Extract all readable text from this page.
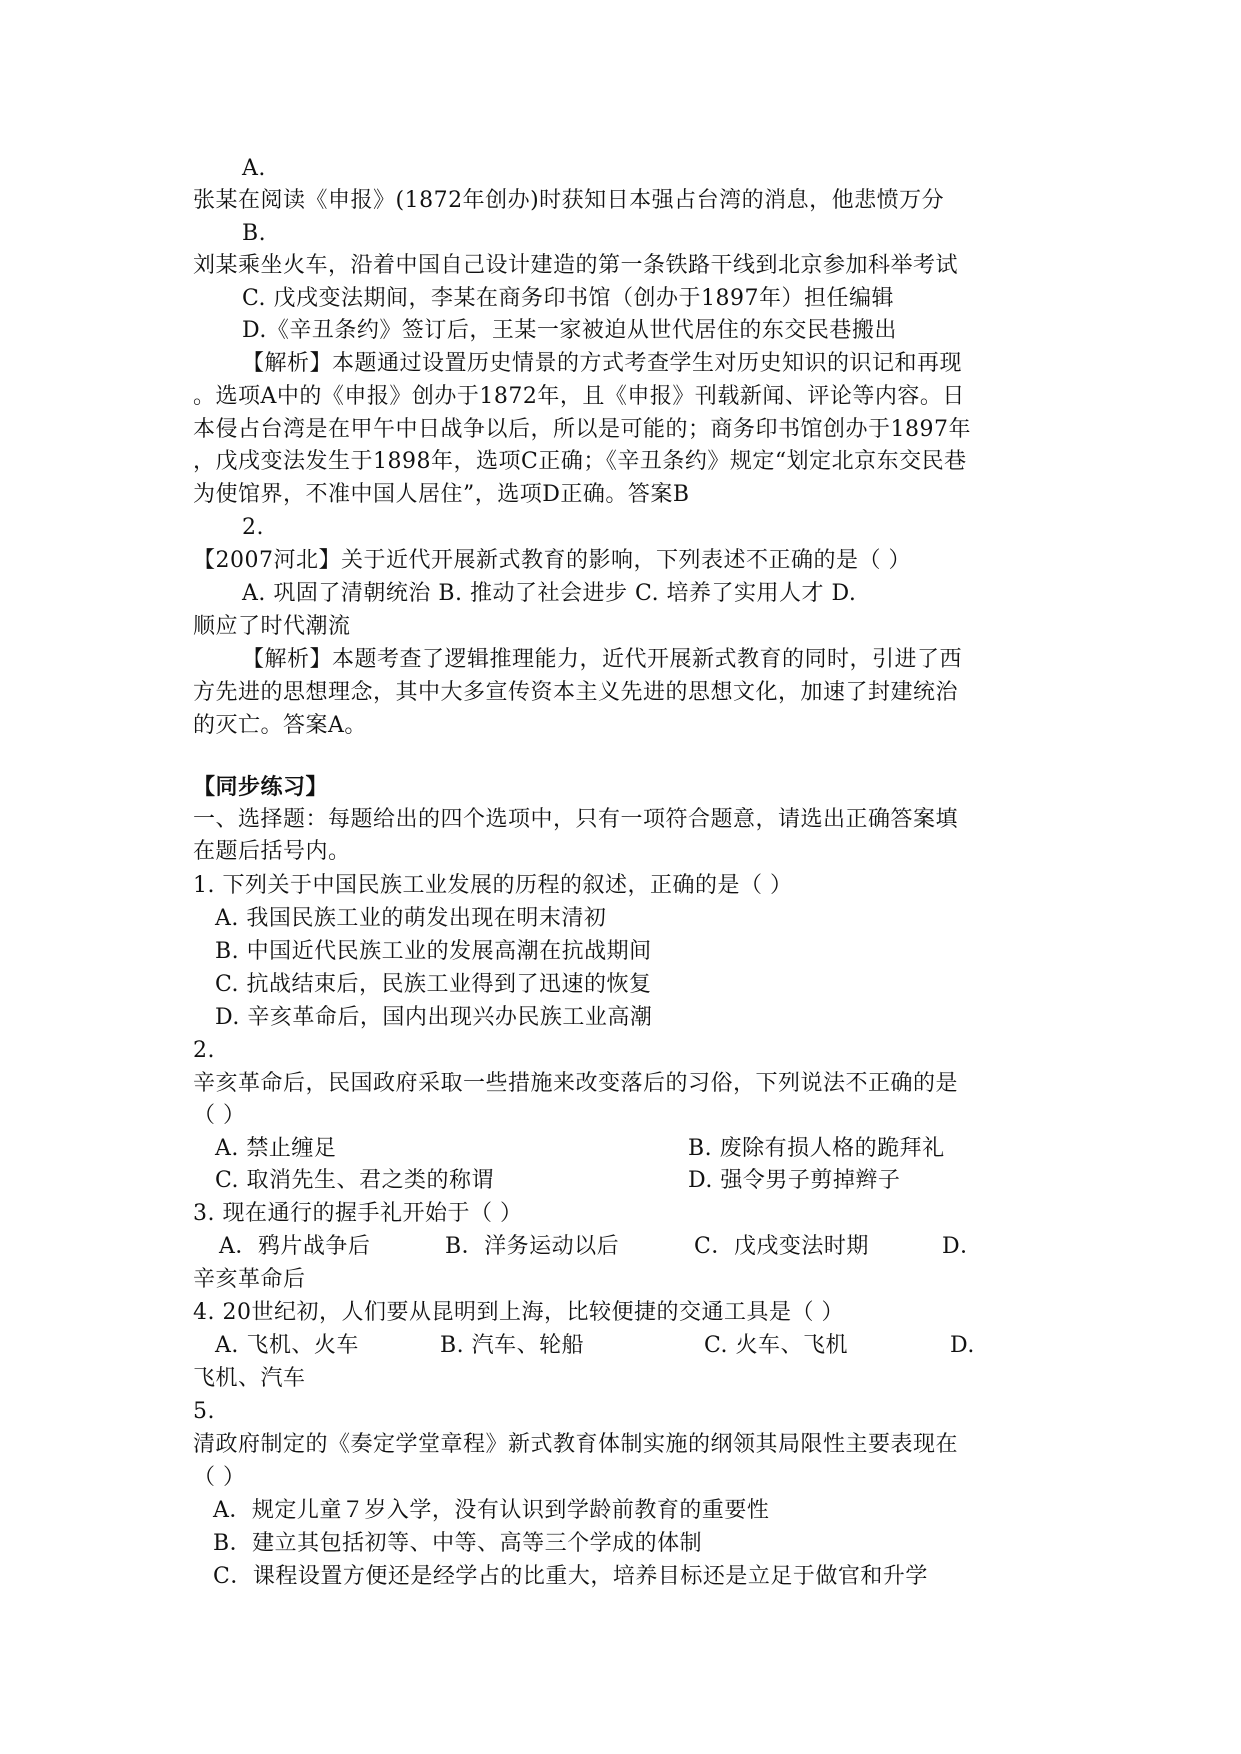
A.
张某在阅读《申报》(1872年创办)时获知日本强占台湾的消息，他悲愤万分
B.
刘某乘坐火车，沿着中国自己设计建造的第一条铁路干线到北京参加科举考试
C. 戊戌变法期间，李某在商务印书馆（创办于1897年）担任编辑
D.《辛丑条约》签订后，王某一家被迫从世代居住的东交民巷搬出
【解析】本题通过设置历史情景的方式考查学生对历史知识的识记和再现
。选项A中的《申报》创办于1872年，且《申报》刊载新闻、评论等内容。日
本侵占台湾是在甲午中日战争以后，所以是可能的；商务印书馆创办于1897年
，戊戌变法发生于1898年，选项C正确；《辛丑条约》规定“划定北京东交民巷
为使馆界，不准中国人居住”，选项D正确。答案B
2.
【2007河北】关于近代开展新式教育的影响，下列表述不正确的是（ ）
A. 巩固了清朝统治 B. 推动了社会进步 C. 培养了实用人才 D.
顺应了时代潮流
【解析】本题考查了逻辑推理能力，近代开展新式教育的同时，引进了西
方先进的思想理念，其中大多宣传资本主义先进的思想文化，加速了封建统治
的灭亡。答案A。
【同步练习】
一、选择题：每题给出的四个选项中，只有一项符合题意，请选出正确答案填
在题后括号内。
1. 下列关于中国民族工业发展的历程的叙述，正确的是（ ）
A. 我国民族工业的萌发出现在明末清初
B. 中国近代民族工业的发展高潮在抗战期间
C. 抗战结束后，民族工业得到了迅速的恢复
D. 辛亥革命后，国内出现兴办民族工业高潮
2.
辛亥革命后，民国政府采取一些措施来改变落后的习俗，下列说法不正确的是
（ ）
A. 禁止缠足	B. 废除有损人格的跪拜礼
C. 取消先生、君之类的称谓	D. 强令男子剪掉辫子
3. 现在通行的握手礼开始于（ ）
A．鸦片战争后	B．洋务运动以后	C．戊戌变法时期	D．
辛亥革命后
4. 20世纪初，人们要从昆明到上海，比较便捷的交通工具是（ ）
A. 飞机、火车	B. 汽车、轮船	C. 火车、飞机	D.
飞机、汽车
5.
清政府制定的《奏定学堂章程》新式教育体制实施的纲领其局限性主要表现在
（ ）
A．规定儿童７岁入学，没有认识到学龄前教育的重要性
B．建立其包括初等、中等、高等三个学成的体制
C．课程设置方便还是经学占的比重大，培养目标还是立足于做官和升学
